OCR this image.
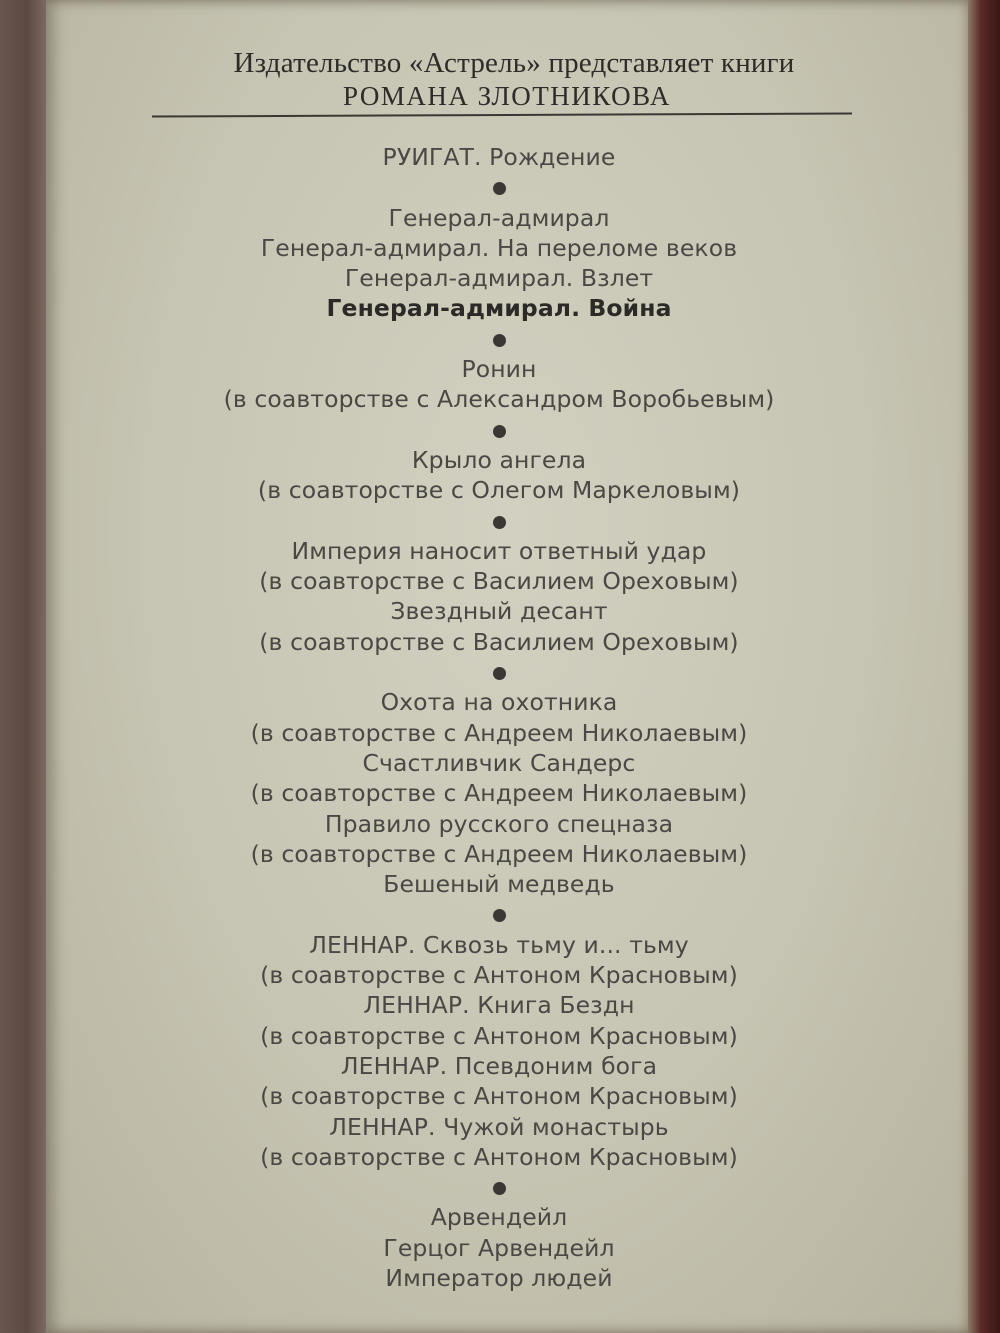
Издательство «Астрель» представляет книги
РОМАНА ЗЛОТНИКОВА
РУИГАТ. Рождение
Генерал-адмирал
Генерал-адмирал. На переломе веков
Генерал-адмирал. Взлет
Генерал-адмирал. Война
Ронин
(в соавторстве с Александром Воробьевым)
Крыло ангела
(в соавторстве с Олегом Маркеловым)
Империя наносит ответный удар
(в соавторстве с Василием Ореховым)
Звездный десант
(в соавторстве с Василием Ореховым)
Охота на охотника
(в соавторстве с Андреем Николаевым)
Счастливчик Сандерс
(в соавторстве с Андреем Николаевым)
Правило русского спецназа
(в соавторстве с Андреем Николаевым)
Бешеный медведь
ЛЕННАР. Сквозь тьму и... тьму
(в соавторстве с Антоном Красновым)
ЛЕННАР. Книга Бездн
(в соавторстве с Антоном Красновым)
ЛЕННАР. Псевдоним бога
(в соавторстве с Антоном Красновым)
ЛЕННАР. Чужой монастырь
(в соавторстве с Антоном Красновым)
Арвендейл
Герцог Арвендейл
Император людей
